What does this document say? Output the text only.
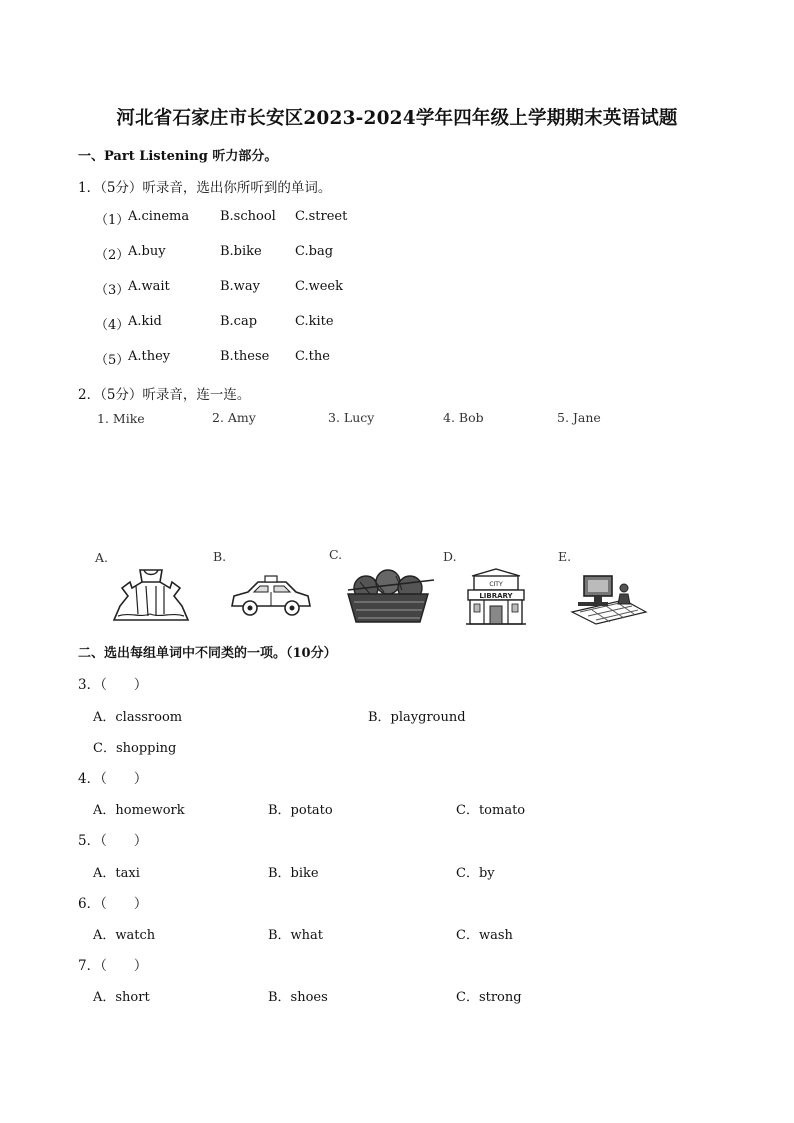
河北省石家庄市长安区2023-2024学年四年级上学期期末英语试题
一、Part Listening 听力部分。
1．（5分）听录音，选出你所听到的单词。
（1）
A.cinema B.school C.street
（2）
A.buy	B.bike	C.bag
（3）
A.wait	B.way	C.week
（4）
A.kid	B.cap	C.kite
（5）
A.they	B.these C.the
2．（5分）听录音，连一连。
1. Mike	2. Amy	3. Lucy	4. Bob	5. Jane
A.	B.	C.	D.	E.
CITY
LIBRARY
二、选出每组单词中不同类的一项。（10分）
3．（　　）
A．classroom	B．playground
C．shopping
4．（　　）
A．homework	B．potato	C．tomato
5．（　　）
A．taxi	B．bike	C．by
6．（　　）
A．watch	B．what	C．wash
7．（　　）
A．short	B．shoes	C．strong
